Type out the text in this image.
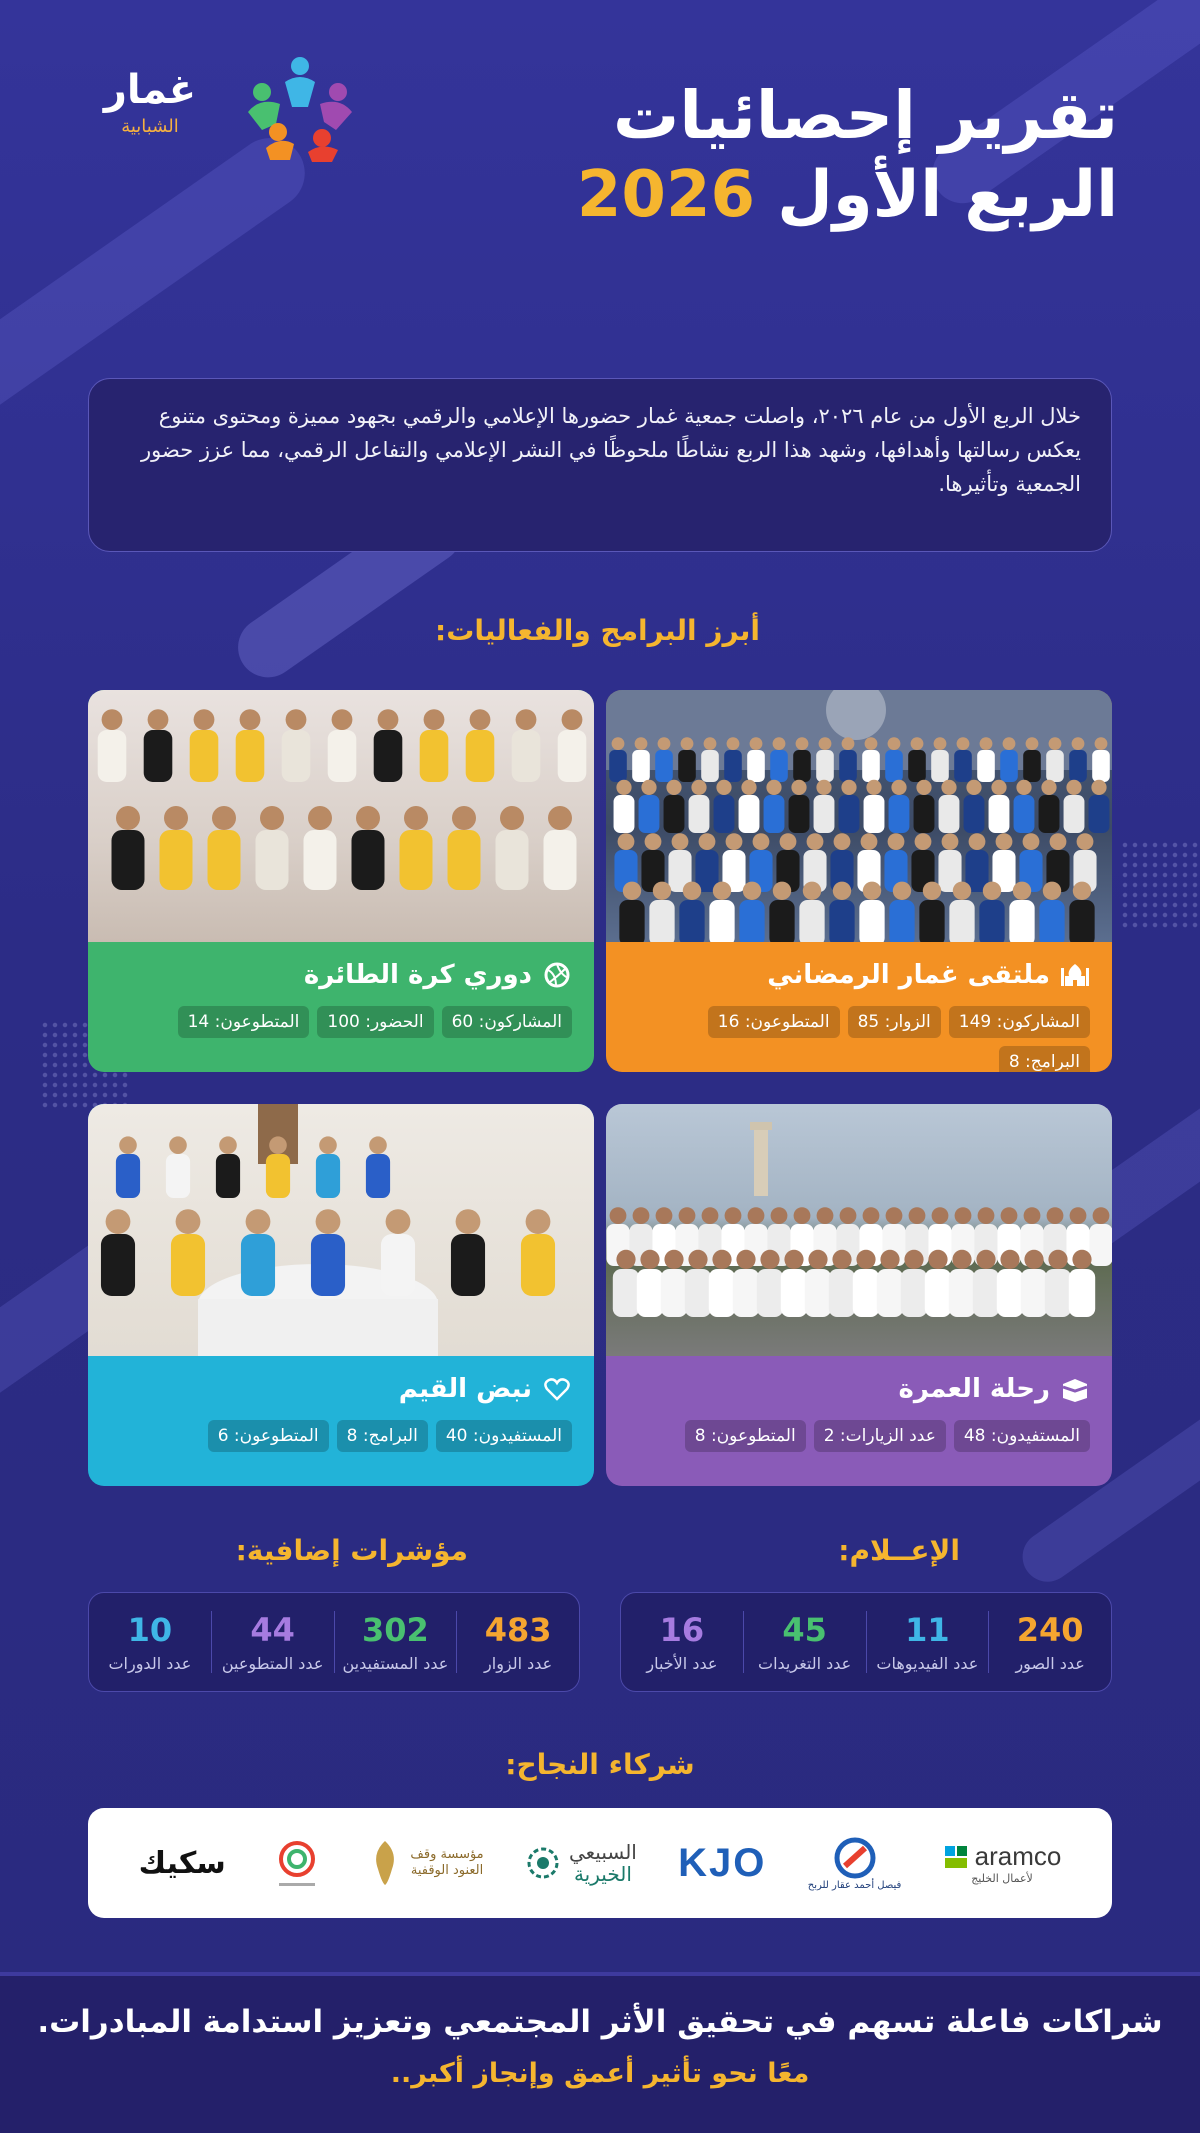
غمار
الشبابية	تقرير إحصائيات
الربع الأول 2026
خلال الربع الأول من عام ٢٠٢٦، واصلت جمعية غمار حضورها الإعلامي والرقمي بجهود مميزة ومحتوى متنوع يعكس رسالتها وأهدافها، وشهد هذا الربع نشاطًا ملحوظًا في النشر الإعلامي والتفاعل الرقمي، مما عزز حضور الجمعية وتأثيرها.
أبرز البرامج والفعاليات:
ملتقى غمار الرمضاني
المشاركون: 149
الزوار: 85
المتطوعون: 16
البرامج: 8
دوري كرة الطائرة
المشاركون: 60
الحضور: 100
المتطوعون: 14
رحلة العمرة
المستفيدون: 48
عدد الزيارات: 2
المتطوعون: 8
نبض القيم
المستفيدون: 40
البرامج: 8
المتطوعون: 6
الإعــلام:
240
عدد الصور
11
عدد الفيديوهات
45
عدد التغريدات
16
عدد الأخبار
مؤشرات إضافية:
483
عدد الزوار
302
عدد المستفيدين
44
عدد المتطوعين
10
عدد الدورات
شركاء النجاح:
aramco
لأعمال الخليج
فيصل أحمد عقار للربح
KJO
السبيعي
الخيرية
مؤسسة وقف
العنود الوقفية
سكيك
شراكات فاعلة تسهم في تحقيق الأثر المجتمعي وتعزيز استدامة المبادرات.
معًا نحو تأثير أعمق وإنجاز أكبر..
